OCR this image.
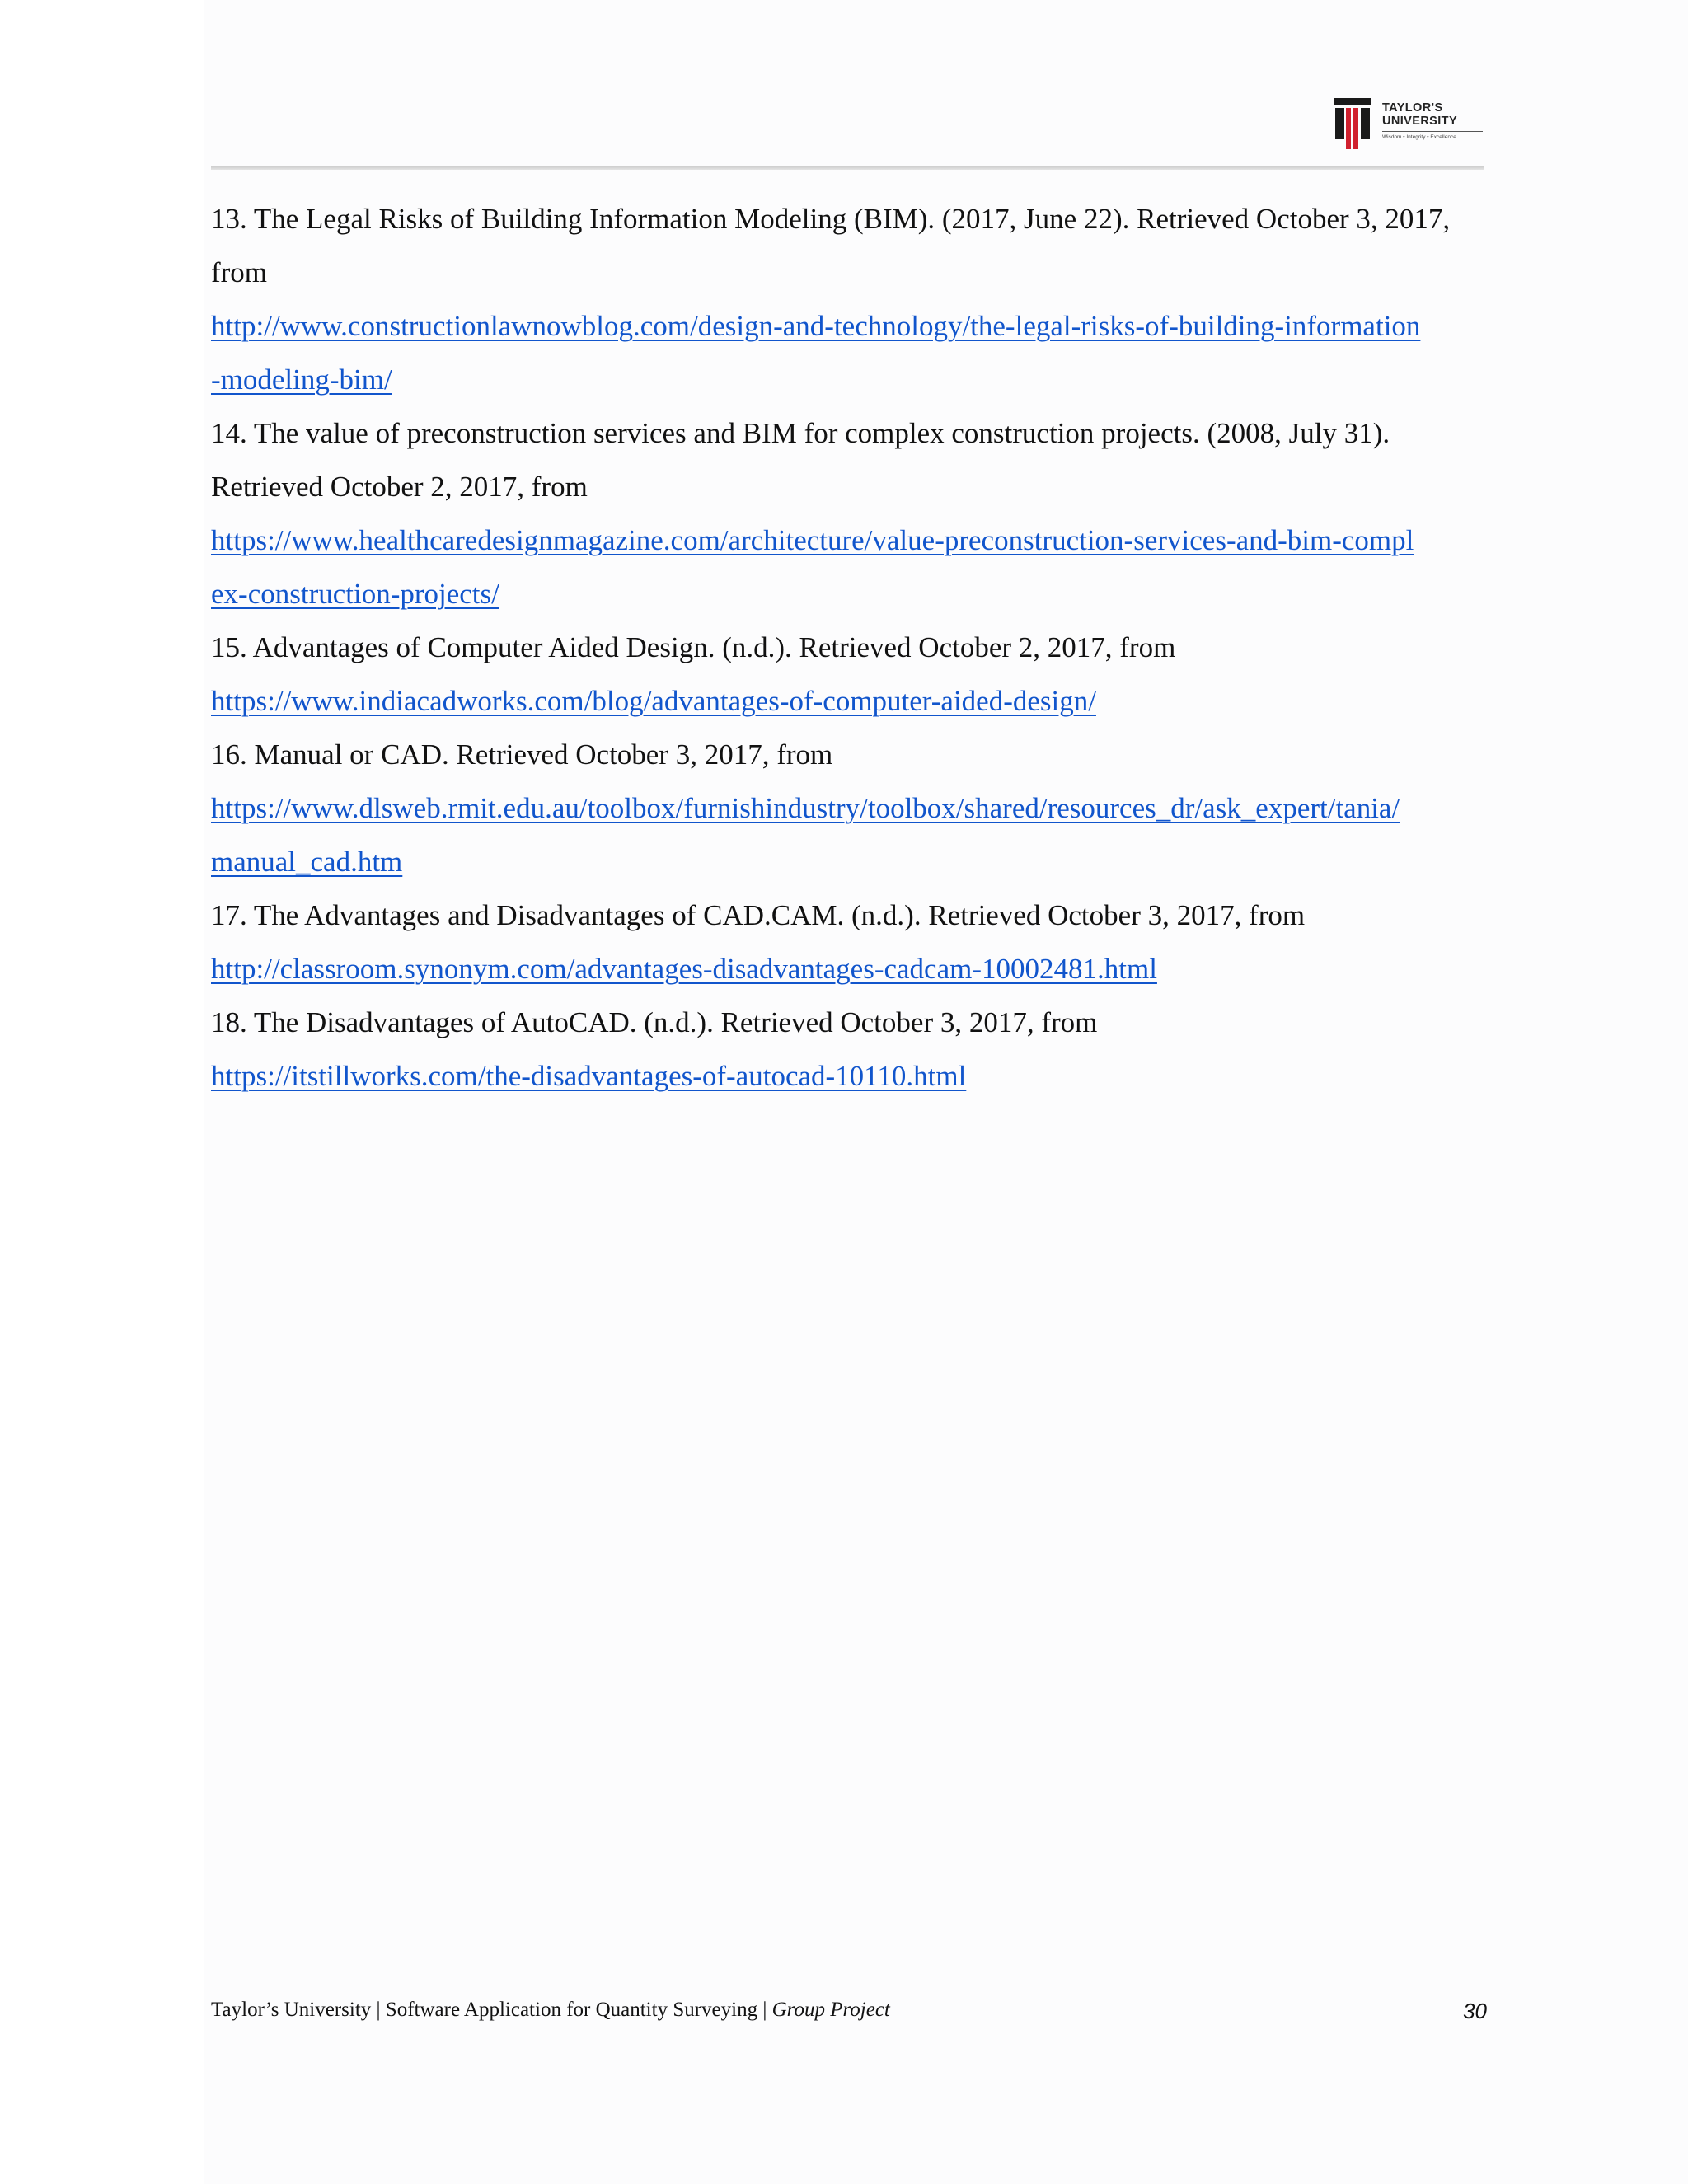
TAYLOR'S
UNIVERSITY
Wisdom • Integrity • Excellence

13. The Legal Risks of Building Information Modeling (BIM). (2017, June 22). Retrieved October 3, 2017, from
http://www.constructionlawnowblog.com/design-and-technology/the-legal-risks-of-building-information
-modeling-bim/

14. The value of preconstruction services and BIM for complex construction projects. (2008, July 31). Retrieved October 2, 2017, from
https://www.healthcaredesignmagazine.com/architecture/value-preconstruction-services-and-bim-compl
ex-construction-projects/

15. Advantages of Computer Aided Design. (n.d.). Retrieved October 2, 2017, from
https://www.indiacadworks.com/blog/advantages-of-computer-aided-design/

16. Manual or CAD. Retrieved October 3, 2017, from
https://www.dlsweb.rmit.edu.au/toolbox/furnishindustry/toolbox/shared/resources_dr/ask_expert/tania/
manual_cad.htm

17. The Advantages and Disadvantages of CAD.CAM. (n.d.). Retrieved October 3, 2017, from
http://classroom.synonym.com/advantages-disadvantages-cadcam-10002481.html

18. The Disadvantages of AutoCAD. (n.d.). Retrieved October 3, 2017, from
https://itstillworks.com/the-disadvantages-of-autocad-10110.html

Taylor’s University | Software Application for Quantity Surveying | Group Project	30
